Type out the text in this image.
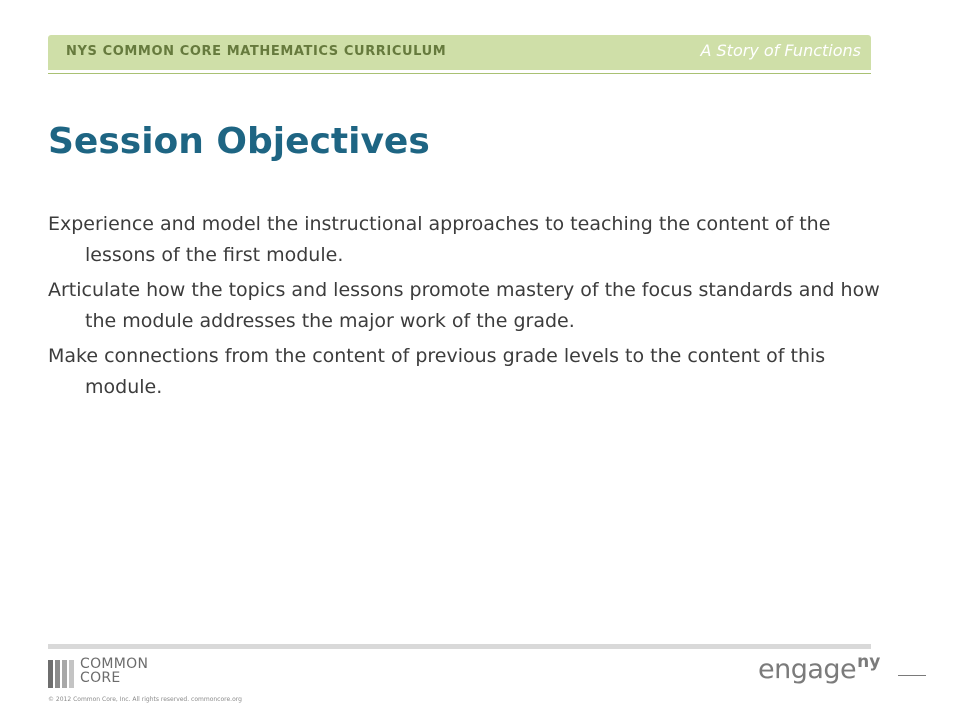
NYS COMMON CORE MATHEMATICS CURRICULUM	A Story of Functions
Session Objectives
Experience and model the instructional approaches to teaching the content of the lessons of the first module.
Articulate how the topics and lessons promote mastery of the focus standards and how the module addresses the major work of the grade.
Make connections from the content of previous grade levels to the content of this module.
COMMON
CORE
© 2012 Common Core, Inc. All rights reserved. commoncore.org
engageny
